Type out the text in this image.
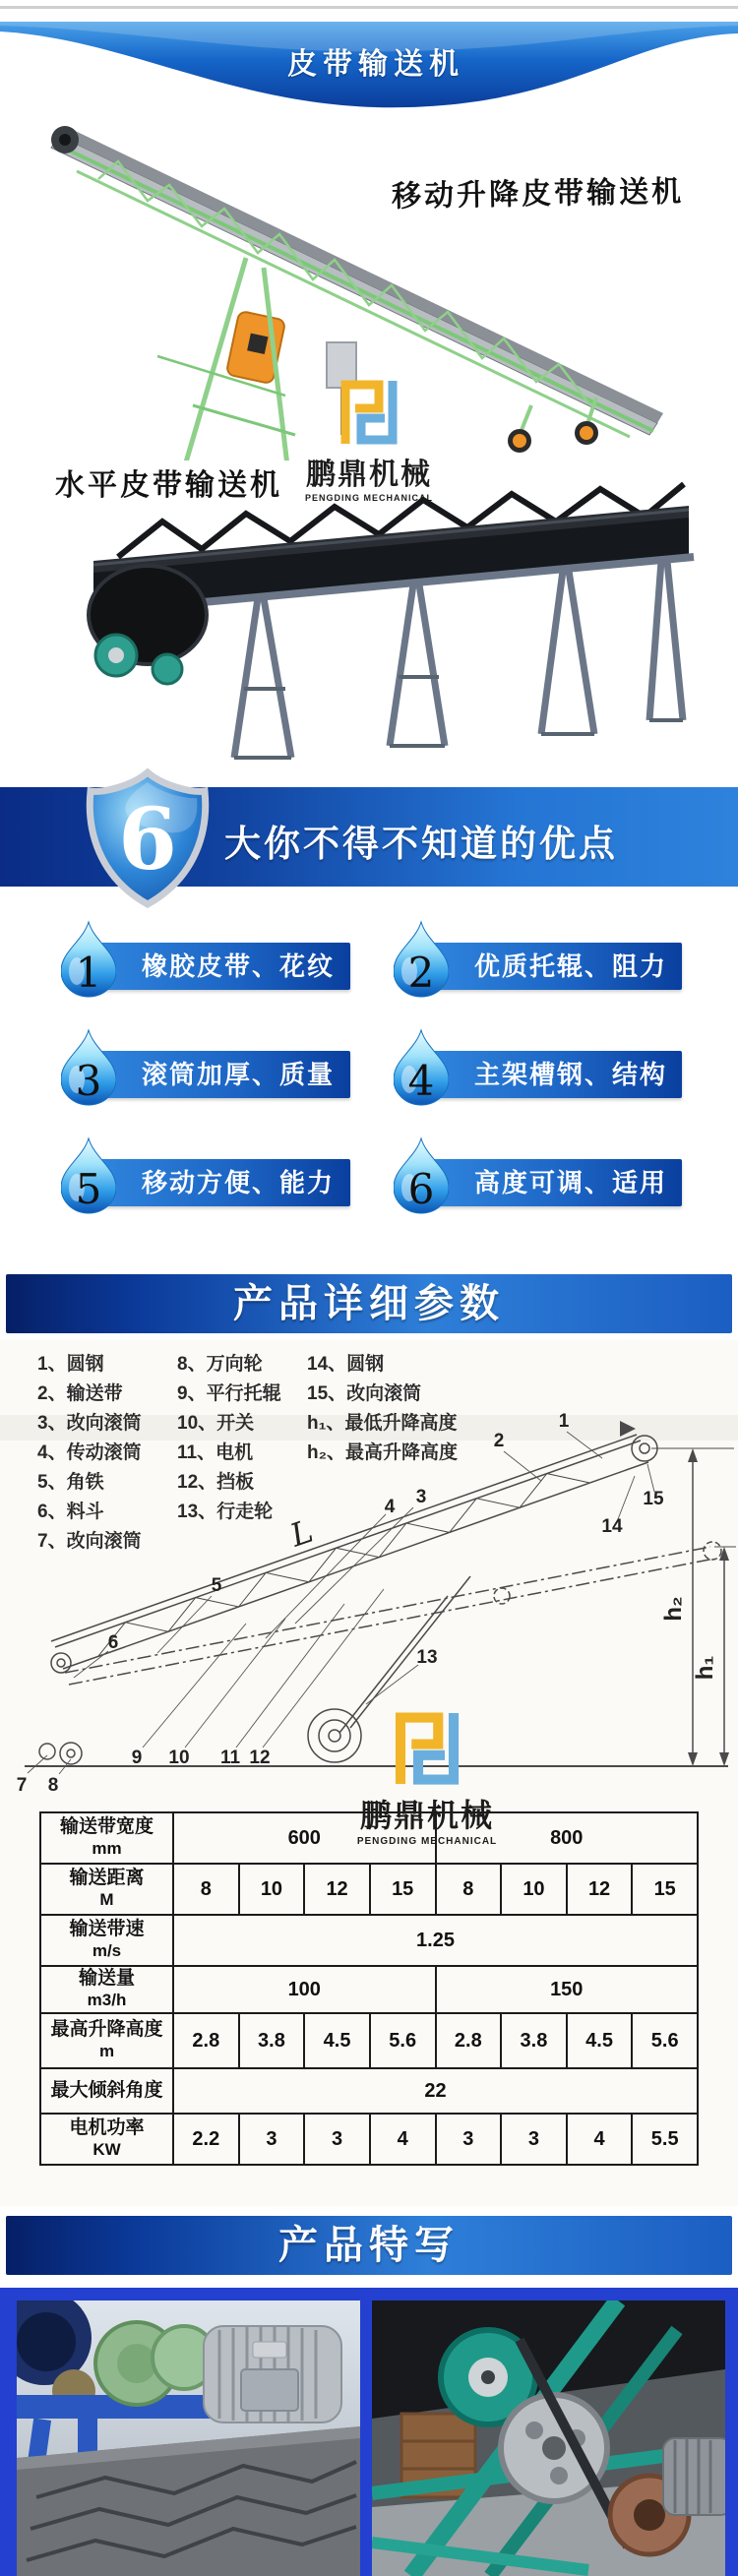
皮带输送机
移动升降皮带输送机
鹏鼎机械
PENGDING MECHANICAL
水平皮带输送机
大你不得不知道的优点
6
橡胶皮带、花纹带
优质托辊、阻力小
滚筒加厚、质量好
主架槽钢、结构好
移动方便、能力大
高度可调、适用强
1	2
3	4
5	6
产品详细参数
1、圆钢
2、输送带
3、改向滚筒
4、传动滚筒
5、角铁
6、料斗
7、改向滚筒
8、万向轮
9、平行托辊
10、开关
11、电机
12、挡板
13、行走轮
14、圆钢
15、改向滚筒
h₁、最低升降高度
h₂、最高升降高度
1
2
3
4
5
6
7 8
9 10 11 12
13
14
15
L
h₂
h₁
输送带宽度
mm	600				800			

输送距离
M	8	10	12	15	8	10	12	15

输送带速
m/s	1.25							

输送量
m3/h	100				150			

最高升降高度
m	2.8	3.8	4.5	5.6	2.8	3.8	4.5	5.6

最大倾斜角度	22							

电机功率
KW	2.2	3	3	4	3	3	4	5.5
鹏鼎机械
PENGDING MECHANICAL
产品特写
